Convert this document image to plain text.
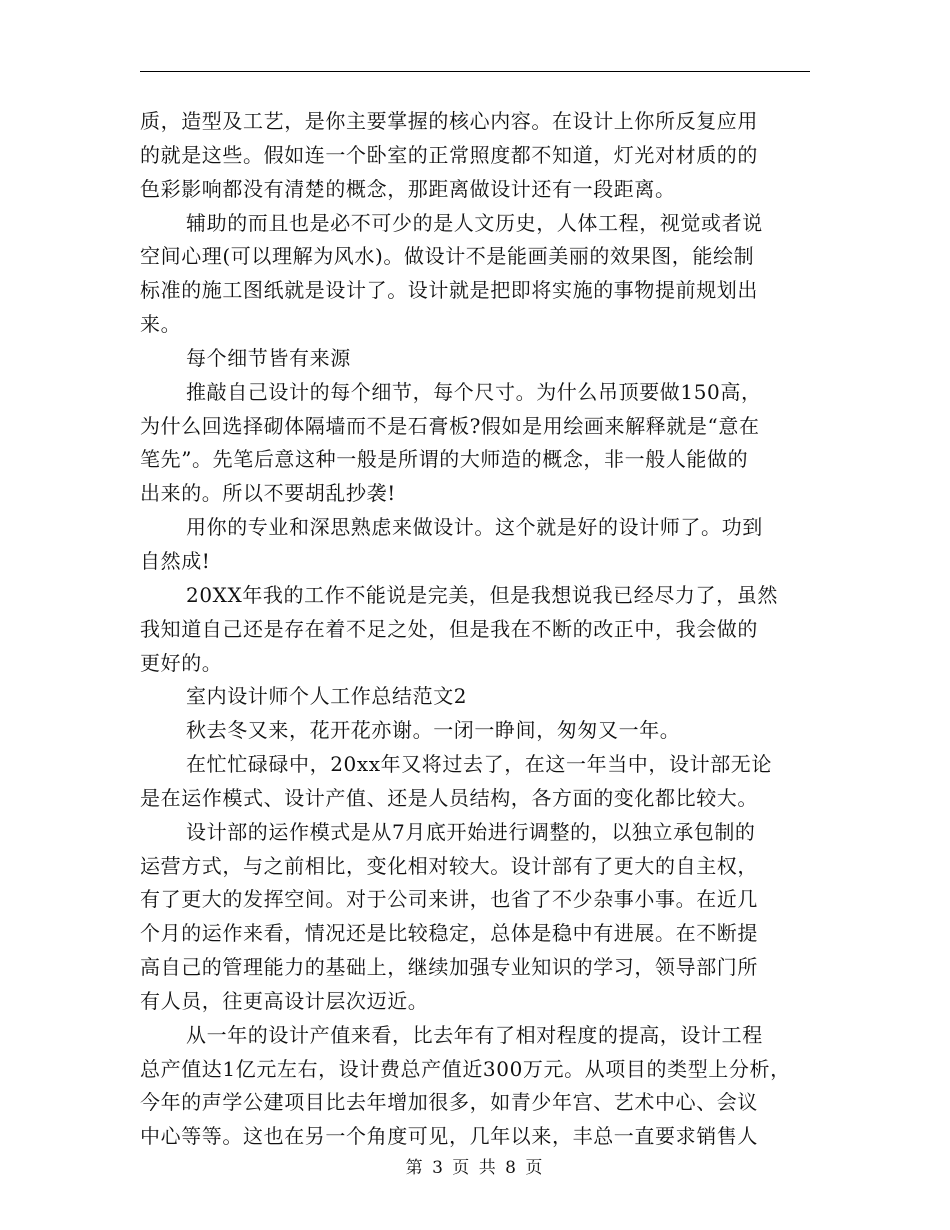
质，造型及工艺，是你主要掌握的核心内容。在设计上你所反复应用
的就是这些。假如连一个卧室的正常照度都不知道，灯光对材质的的
色彩影响都没有清楚的概念，那距离做设计还有一段距离。
辅助的而且也是必不可少的是人文历史，人体工程，视觉或者说
空间心理(可以理解为风水)。做设计不是能画美丽的效果图，能绘制
标准的施工图纸就是设计了。设计就是把即将实施的事物提前规划出
来。
每个细节皆有来源
推敲自己设计的每个细节，每个尺寸。为什么吊顶要做150高，
为什么回选择砌体隔墙而不是石膏板?假如是用绘画来解释就是“意在
笔先”。先笔后意这种一般是所谓的大师造的概念，非一般人能做的
出来的。所以不要胡乱抄袭!
用你的专业和深思熟虑来做设计。这个就是好的设计师了。功到
自然成!
20XX年我的工作不能说是完美，但是我想说我已经尽力了，虽然
我知道自己还是存在着不足之处，但是我在不断的改正中，我会做的
更好的。
室内设计师个人工作总结范文2
秋去冬又来，花开花亦谢。一闭一睁间，匆匆又一年。
在忙忙碌碌中，20xx年又将过去了，在这一年当中，设计部无论
是在运作模式、设计产值、还是人员结构，各方面的变化都比较大。
设计部的运作模式是从7月底开始进行调整的，以独立承包制的
运营方式，与之前相比，变化相对较大。设计部有了更大的自主权，
有了更大的发挥空间。对于公司来讲，也省了不少杂事小事。在近几
个月的运作来看，情况还是比较稳定，总体是稳中有进展。在不断提
高自己的管理能力的基础上，继续加强专业知识的学习，领导部门所
有人员，往更高设计层次迈近。
从一年的设计产值来看，比去年有了相对程度的提高，设计工程
总产值达1亿元左右，设计费总产值近300万元。从项目的类型上分析，
今年的声学公建项目比去年增加很多，如青少年宫、艺术中心、会议
中心等等。这也在另一个角度可见，几年以来，丰总一直要求销售人
第 3 页 共 8 页
